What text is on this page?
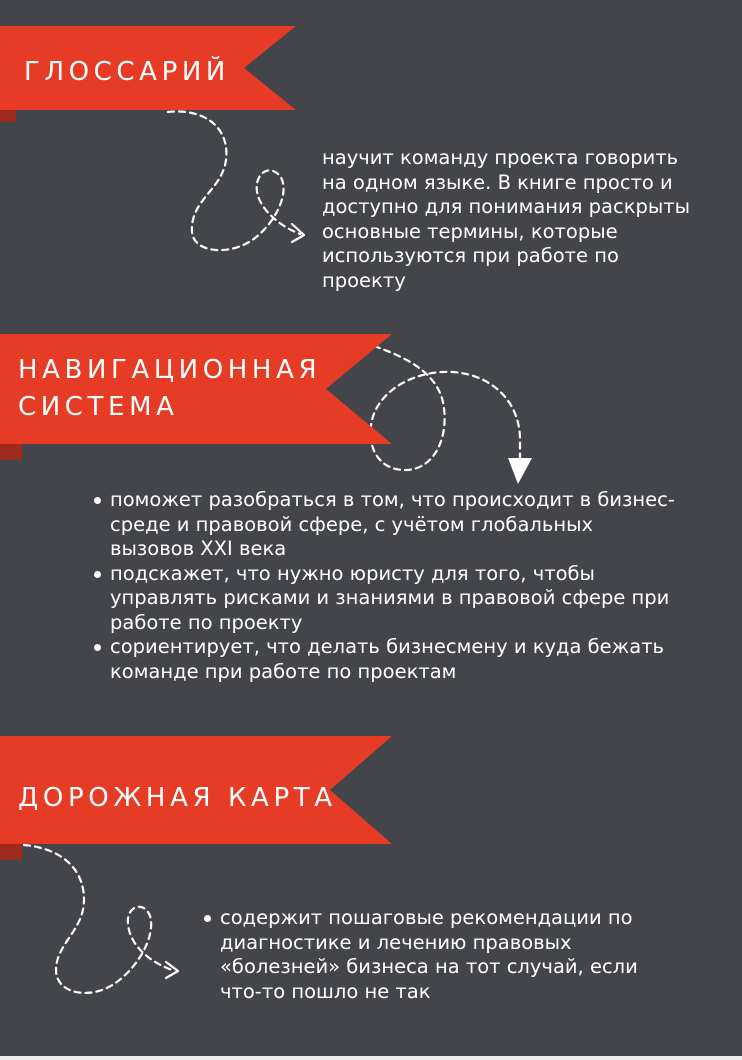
ГЛОССАРИЙ
научит команду проекта говорить на одном языке. В книге просто и доступно для понимания раскрыты основные термины, которые используются при работе по проекту
НАВИГАЦИОННАЯ
СИСТЕМА
поможет разобраться в том, что происходит в бизнес-среде и правовой сфере, с учётом глобальных вызовов XXI века
подскажет, что нужно юристу для того, чтобы управлять рисками и знаниями в правовой сфере при работе по проекту
сориентирует, что делать бизнесмену и куда бежать команде при работе по проектам
ДОРОЖНАЯ КАРТА
содержит пошаговые рекомендации по диагностике и лечению правовых «болезней» бизнеса на тот случай, если что-то пошло не так
